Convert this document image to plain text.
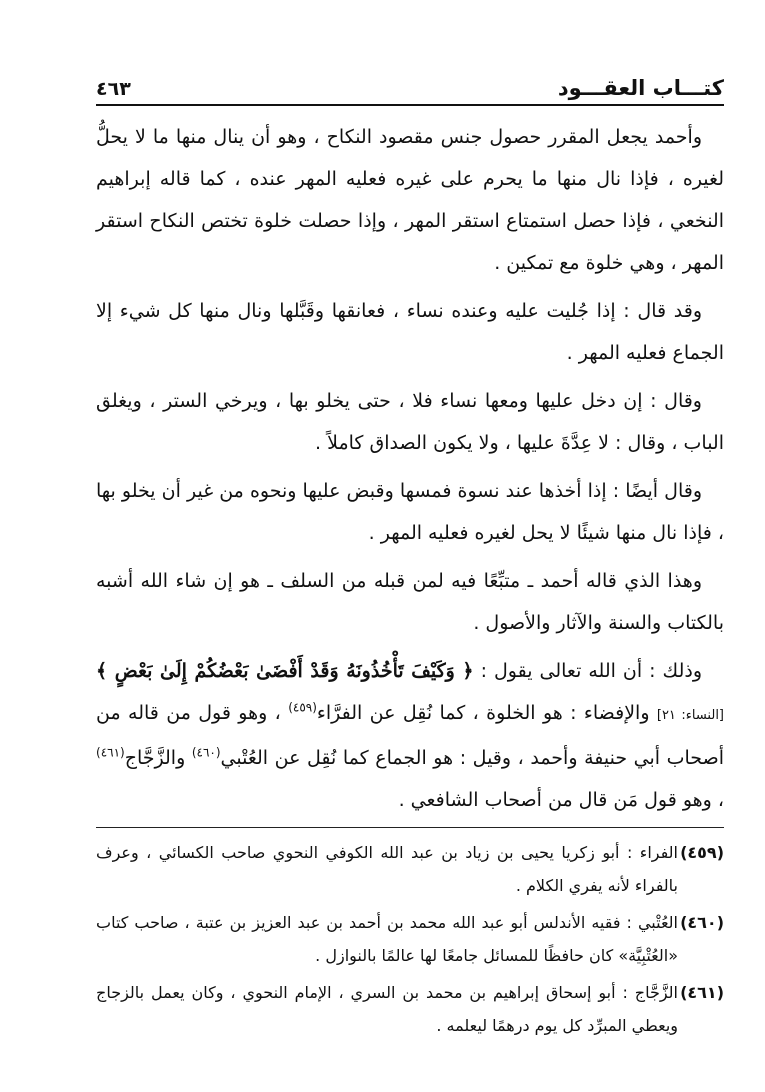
كتـــاب العقـــود
٤٦٣

وأحمد يجعل المقرر حصول جنس مقصود النكاح ، وهو أن ينال منها ما لا يحلُّ لغيره ، فإذا نال منها ما يحرم على غيره فعليه المهر عنده ، كما قاله إبراهيم النخعي ، فإذا حصل استمتاع استقر المهر ، وإذا حصلت خلوة تختص النكاح استقر المهر ، وهي خلوة مع تمكين .

وقد قال : إذا جُليت عليه وعنده نساء ، فعانقها وقَبَّلها ونال منها كل شيء إلا الجماع فعليه المهر .

وقال : إن دخل عليها ومعها نساء فلا ، حتى يخلو بها ، ويرخي الستر ، ويغلق الباب ، وقال : لا عِدَّةَ عليها ، ولا يكون الصداق كاملاً .

وقال أيضًا : إذا أخذها عند نسوة فمسها وقبض عليها ونحوه من غير أن يخلو بها ، فإذا نال منها شيئًا لا يحل لغيره فعليه المهر .

وهذا الذي قاله أحمد ـ متبِّعًا فيه لمن قبله من السلف ـ هو إن شاء الله أشبه بالكتاب والسنة والآثار والأصول .

وذلك : أن الله تعالى يقول : ﴿ وَكَيْفَ تَأْخُذُونَهُ وَقَدْ أَفْضَىٰ بَعْضُكُمْ إِلَىٰ بَعْضٍ ﴾ [النساء: ٢١] والإفضاء : هو الخلوة ، كما نُقِل عن الفرَّاء$^{(٤٥٩)}$ ، وهو قول من قاله من أصحاب أبي حنيفة وأحمد ، وقيل : هو الجماع كما نُقِل عن العُتْبي$^{(٤٦٠)}$ والزَّجَّاج$^{(٤٦١)}$ ، وهو قول مَن قال من أصحاب الشافعي .

(٤٥٩)الفراء : أبو زكريا يحيى بن زياد بن عبد الله الكوفي النحوي صاحب الكسائي ، وعرف بالفراء لأنه يفري الكلام .

(٤٦٠)العُتْبي : فقيه الأندلس أبو عبد الله محمد بن أحمد بن عبد العزيز بن عتبة ، صاحب كتاب «العُتْبِيَّة» كان حافظًا للمسائل جامعًا لها عالمًا بالنوازل .

(٤٦١)الزَّجَّاج : أبو إسحاق إبراهيم بن محمد بن السري ، الإمام النحوي ، وكان يعمل بالزجاج ويعطي المبرِّد كل يوم درهمًا ليعلمه .
